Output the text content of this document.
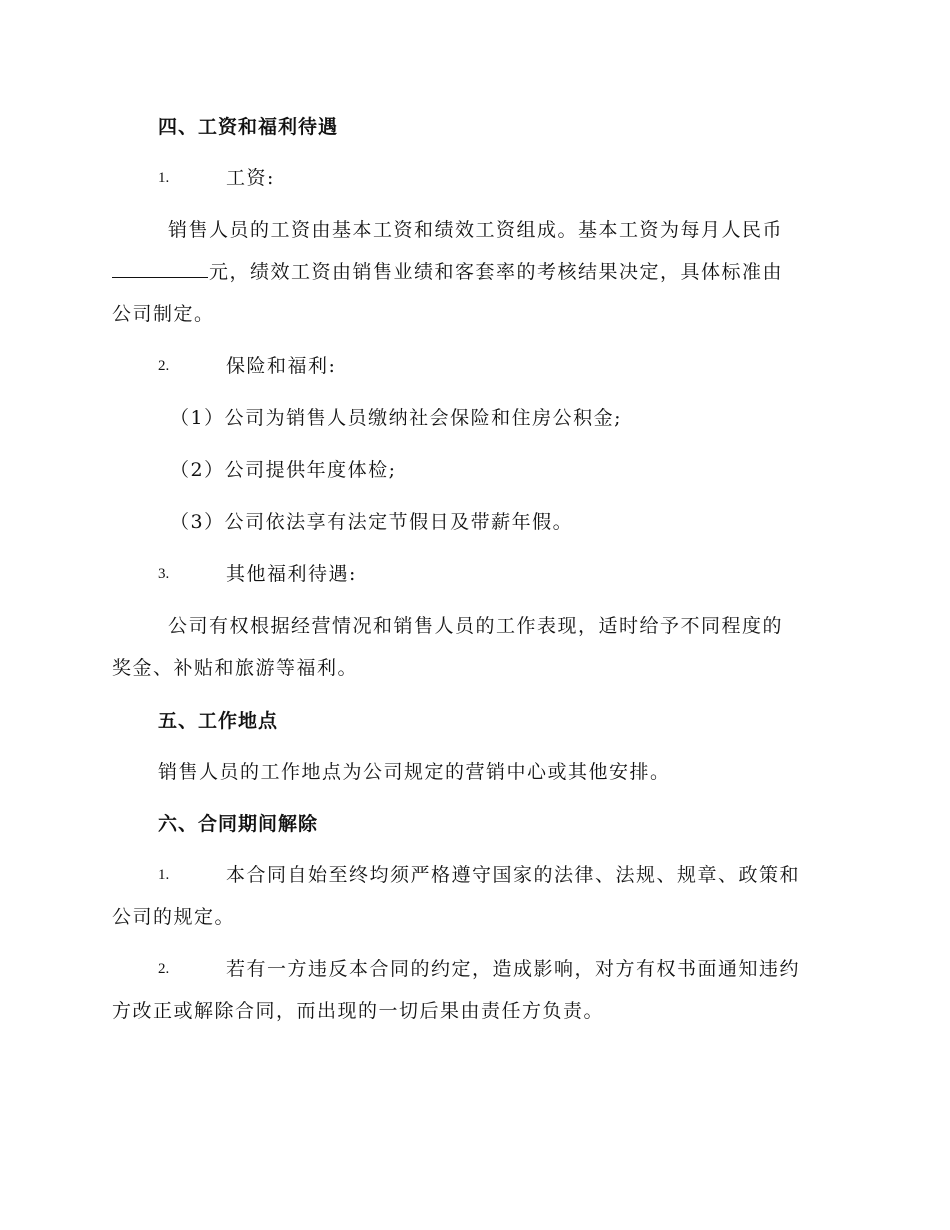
四、工资和福利待遇
1.	工资:
销售人员的工资由基本工资和绩效工资组成。基本工资为每月人民币
元，绩效工资由销售业绩和客套率的考核结果决定，具体标准由
公司制定。
2.	保险和福利:
（1）公司为销售人员缴纳社会保险和住房公积金;
（2）公司提供年度体检;
（3）公司依法享有法定节假日及带薪年假。
3.	其他福利待遇:
公司有权根据经营情况和销售人员的工作表现，适时给予不同程度的
奖金、补贴和旅游等福利。
五、工作地点
销售人员的工作地点为公司规定的营销中心或其他安排。
六、合同期间解除
1.	本合同自始至终均须严格遵守国家的法律、法规、规章、政策和
公司的规定。
2.	若有一方违反本合同的约定，造成影响，对方有权书面通知违约
方改正或解除合同，而出现的一切后果由责任方负责。
